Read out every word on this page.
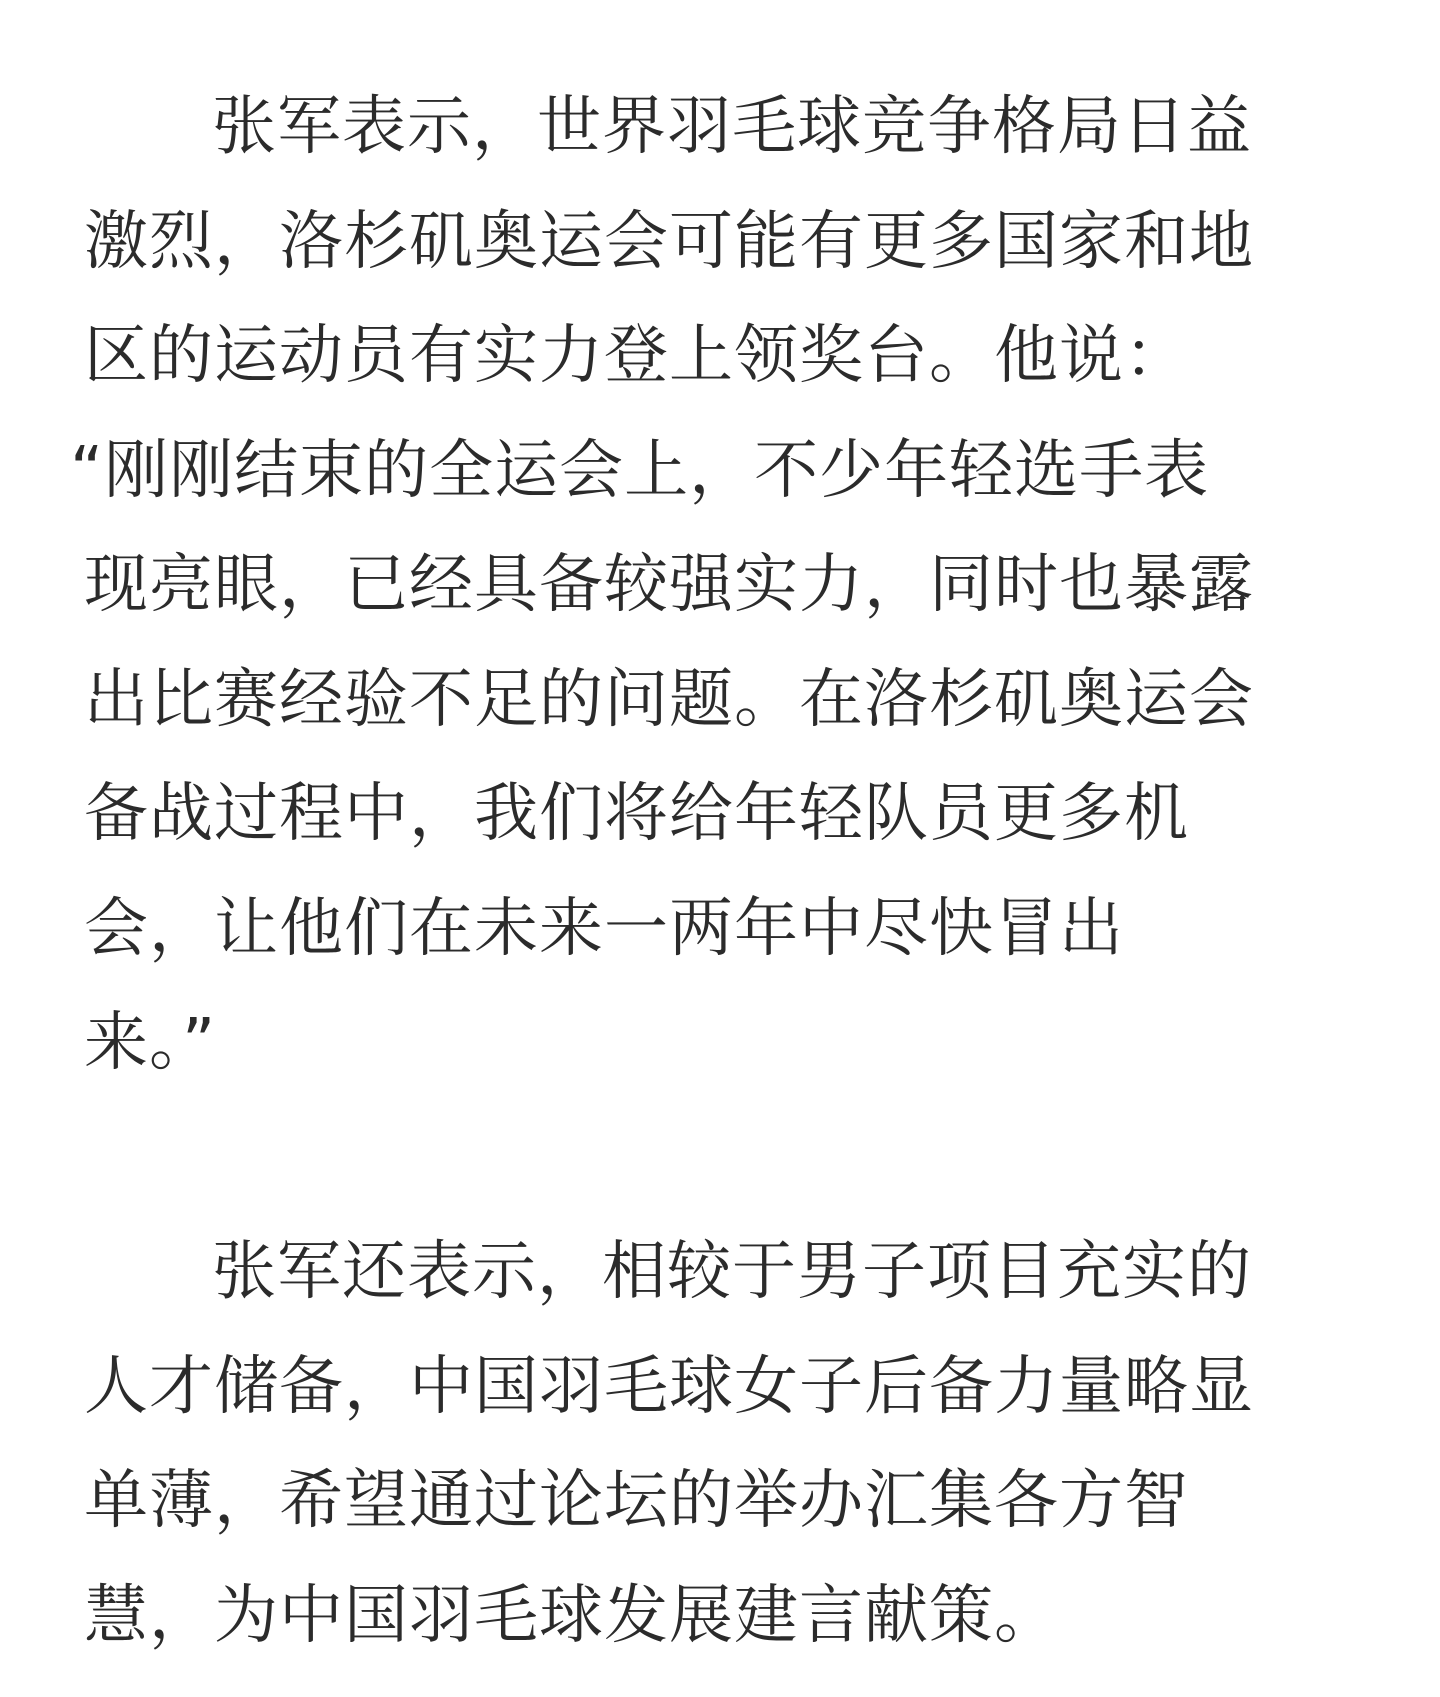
张军表示，世界羽毛球竞争格局日益
激烈，洛杉矶奥运会可能有更多国家和地
区的运动员有实力登上领奖台。他说：
“刚刚结束的全运会上，不少年轻选手表
现亮眼，已经具备较强实力，同时也暴露
出比赛经验不足的问题。在洛杉矶奥运会
备战过程中，我们将给年轻队员更多机
会，让他们在未来一两年中尽快冒出
来。”
张军还表示，相较于男子项目充实的
人才储备，中国羽毛球女子后备力量略显
单薄，希望通过论坛的举办汇集各方智
慧，为中国羽毛球发展建言献策。
